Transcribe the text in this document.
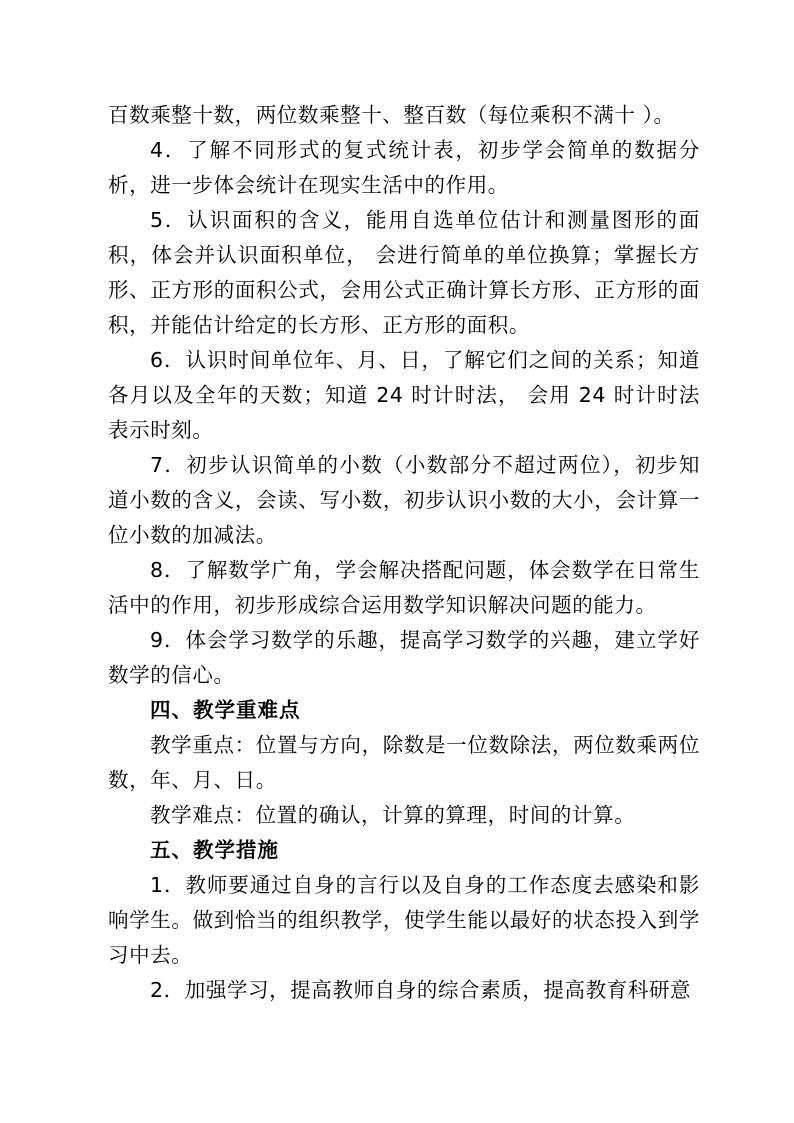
百数乘整十数，两位数乘整十、整百数（每位乘积不满十 ）。

4．了解不同形式的复式统计表，初步学会简单的数据分析，进一步体会统计在现实生活中的作用。

5．认识面积的含义，能用自选单位估计和测量图形的面积，体会并认识面积单位， 会进行简单的单位换算；掌握长方形、正方形的面积公式，会用公式正确计算长方形、正方形的面积，并能估计给定的长方形、正方形的面积。

6．认识时间单位年、月、日，了解它们之间的关系；知道各月以及全年的天数；知道 24 时计时法， 会用 24 时计时法表示时刻。

7．初步认识简单的小数（小数部分不超过两位），初步知道小数的含义，会读、写小数，初步认识小数的大小，会计算一位小数的加减法。

8．了解数学广角，学会解决搭配问题，体会数学在日常生活中的作用，初步形成综合运用数学知识解决问题的能力。

9．体会学习数学的乐趣，提高学习数学的兴趣，建立学好数学的信心。

四、教学重难点

教学重点：位置与方向，除数是一位数除法，两位数乘两位数，年、月、日。

教学难点：位置的确认，计算的算理，时间的计算。

五、教学措施

1．教师要通过自身的言行以及自身的工作态度去感染和影响学生。做到恰当的组织教学，使学生能以最好的状态投入到学习中去。

2．加强学习，提高教师自身的综合素质，提高教育科研意
